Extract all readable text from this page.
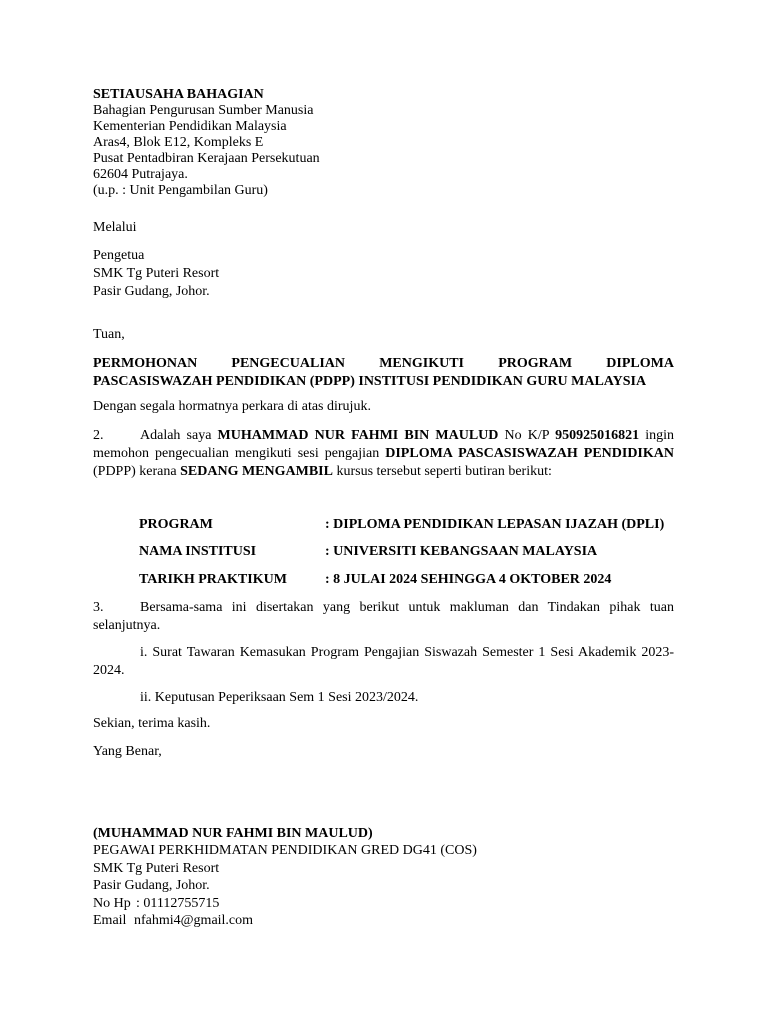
SETIAUSAHA BAHAGIAN
Bahagian Pengurusan Sumber Manusia
Kementerian Pendidikan Malaysia
Aras4, Blok E12, Kompleks E
Pusat Pentadbiran Kerajaan Persekutuan
62604 Putrajaya.
(u.p. : Unit Pengambilan Guru)
Melalui
Pengetua
SMK Tg Puteri Resort
Pasir Gudang, Johor.
Tuan,
PERMOHONAN PENGECUALIAN MENGIKUTI PROGRAM DIPLOMA
PASCASISWAZAH PENDIDIKAN (PDPP) INSTITUSI PENDIDIKAN GURU MALAYSIA
Dengan segala hormatnya perkara di atas dirujuk.
2.	Adalah saya MUHAMMAD NUR FAHMI BIN MAULUD No K/P 950925016821 ingin
memohon pengecualian mengikuti sesi pengajian DIPLOMA PASCASISWAZAH PENDIDIKAN
(PDPP) kerana SEDANG MENGAMBIL kursus tersebut seperti butiran berikut:
PROGRAM	: DIPLOMA PENDIDIKAN LEPASAN IJAZAH (DPLI)
NAMA INSTITUSI	: UNIVERSITI KEBANGSAAN MALAYSIA
TARIKH PRAKTIKUM	: 8 JULAI 2024 SEHINGGA 4 OKTOBER 2024
3.	Bersama-sama ini disertakan yang berikut untuk makluman dan Tindakan pihak tuan
selanjutnya.
i. Surat Tawaran Kemasukan Program Pengajian Siswazah Semester 1 Sesi Akademik 2023-
2024.
ii. Keputusan Peperiksaan Sem 1 Sesi 2023/2024.
Sekian, terima kasih.
Yang Benar,
(MUHAMMAD NUR FAHMI BIN MAULUD)
PEGAWAI PERKHIDMATAN PENDIDIKAN GRED DG41 (COS)
SMK Tg Puteri Resort
Pasir Gudang, Johor.
No Hp : 01112755715
Email nfahmi4@gmail.com
